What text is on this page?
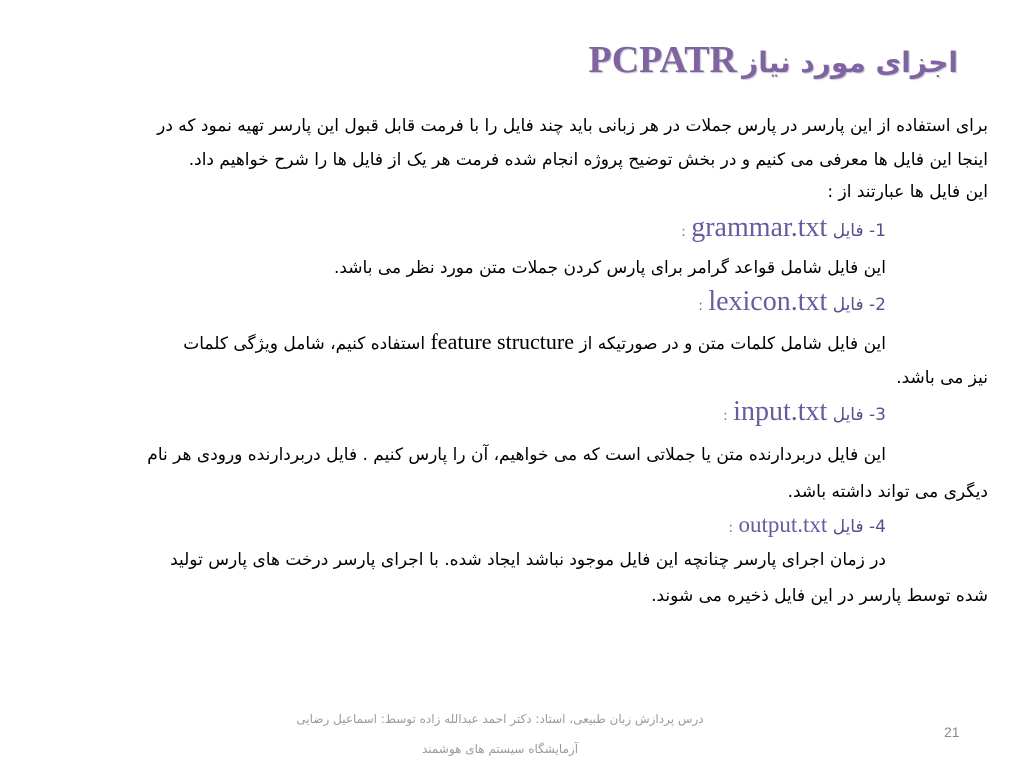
اجزای مورد نیاز PCPATR
برای استفاده از این پارسر در پارس جملات در هر زبانی باید چند فایل را با فرمت قابل قبول این پارسر تهیه نمود که در
اینجا این فایل ها معرفی می کنیم و در بخش توضیح پروژه انجام شده فرمت هر یک از فایل ها را شرح خواهیم داد.
این فایل ها عبارتند از :
1- فایل grammar.txt :
این فایل شامل قواعد گرامر برای پارس کردن جملات متن مورد نظر می باشد.
2- فایل lexicon.txt :
این فایل شامل کلمات متن و در صورتیکه از feature structure استفاده کنیم، شامل ویژگی کلمات
نیز می باشد.
3- فایل input.txt :
این فایل دربردارنده متن یا جملاتی است که می خواهیم، آن را پارس کنیم . فایل دربردارنده ورودی هر نام
دیگری می تواند داشته باشد.
4- فایل output.txt :
در زمان اجرای پارسر چنانچه این فایل موجود نباشد ایجاد شده. با اجرای پارسر درخت های پارس تولید
شده توسط پارسر در این فایل ذخیره می شوند.
درس پردازش زبان طبیعی، استاد: دکتر احمد عبدالله زاده توسط: اسماعیل رضایی
آزمایشگاه سیستم های هوشمند
21
